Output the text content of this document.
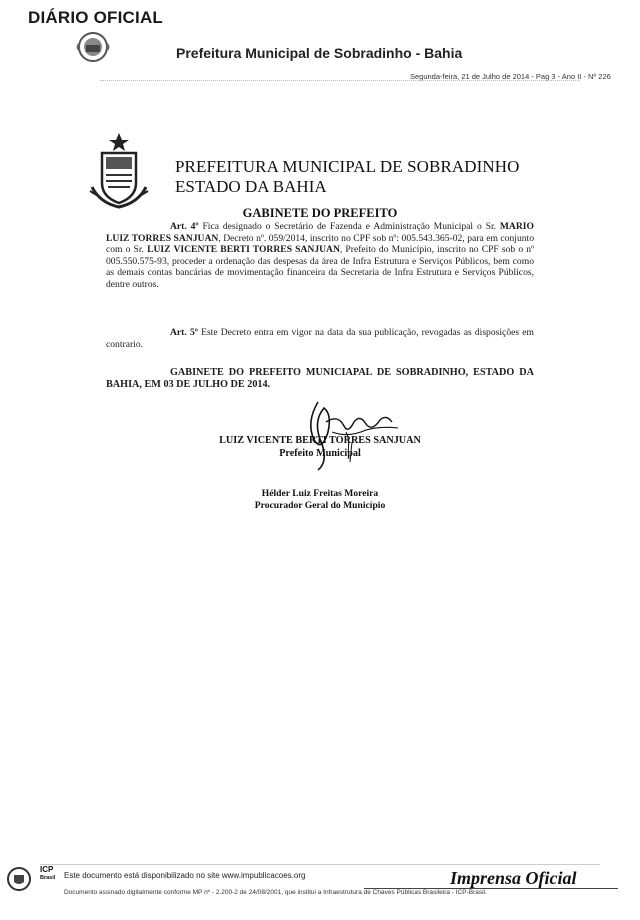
DIÁRIO OFICIAL
Prefeitura Municipal de Sobradinho - Bahia
Segunda-feira, 21 de Julho de 2014 - Pag 3 - Ano II - Nº 226
PREFEITURA MUNICIPAL DE SOBRADINHO
ESTADO DA BAHIA
GABINETE DO PREFEITO
Art. 4º Fica designado o Secretário de Fazenda e Administração Municipal o Sr. MARIO LUIZ TORRES SANJUAN, Decreto nº. 059/2014, inscrito no CPF sob nº: 005.543.365-02, para em conjunto com o Sr. LUIZ VICENTE BERTI TORRES SANJUAN, Prefeito do Município, inscrito no CPF sob o nº 005.550.575-93, proceder a ordenação das despesas da área de Infra Estrutura e Serviços Públicos, bem como as demais contas bancárias de movimentação financeira da Secretaria de Infra Estrutura e Serviços Públicos, dentre outros.
Art. 5º Este Decreto entra em vigor na data da sua publicação, revogadas as disposições em contrario.
GABINETE DO PREFEITO MUNICIAPAL DE SOBRADINHO, ESTADO DA BAHIA, EM 03 DE JULHO DE 2014.
LUIZ VICENTE BERTI TORRES SANJUAN
Prefeito Municipal
Hélder Luiz Freitas Moreira
Procurador Geral do Município
ICP
Brasil Este documento está disponibilizado no site www.impublicacoes.org
Documento assinado digitalmente conforme MP nº - 2.200-2 de 24/08/2001, que institui a Infraestrutura de Chaves Públicas Brasileira - ICP-Brasil.
Imprensa Oficial
